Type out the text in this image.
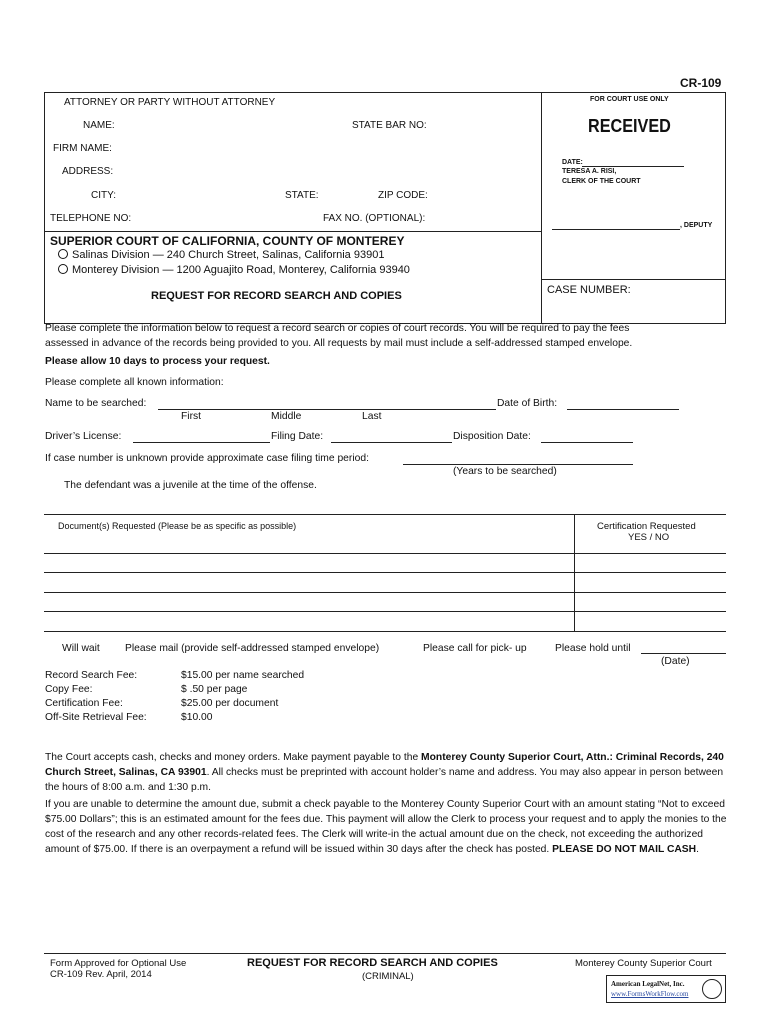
CR-109
ATTORNEY OR PARTY WITHOUT ATTORNEY
NAME:	STATE BAR NO:
FIRM NAME:
ADDRESS:
CITY:	STATE:	ZIP CODE:
TELEPHONE NO:	FAX NO. (OPTIONAL):
FOR COURT USE ONLY
RECEIVED
DATE:
TERESA A. RISI,
CLERK OF THE COURT
, DEPUTY
SUPERIOR COURT OF CALIFORNIA, COUNTY OF MONTEREY
Salinas Division — 240 Church Street, Salinas, California 93901
Monterey Division — 1200 Aguajito Road, Monterey, California 93940
REQUEST FOR RECORD SEARCH AND COPIES	CASE NUMBER:
Please complete the information below to request a record search or copies of court records. You will be required to pay the fees
assessed in advance of the records being provided to you. All requests by mail must include a self-addressed stamped envelope.
Please allow 10 days to process your request.
Please complete all known information:
Name to be searched:	Date of Birth:
First	Middle	Last
Driver’s License:	Filing Date:	Disposition Date:
If case number is unknown provide approximate case filing time period:
(Years to be searched)
The defendant was a juvenile at the time of the offense.
Document(s) Requested (Please be as specific as possible)	Certification Requested
YES / NO
Will wait Please mail (provide self-addressed stamped envelope)	Please call for pick- up	Please hold until
(Date)
Record Search Fee:	$15.00 per name searched
Copy Fee:	$ .50 per page
Certification Fee:	$25.00 per document
Off-Site Retrieval Fee:	$10.00
The Court accepts cash, checks and money orders. Make payment payable to the Monterey County Superior Court, Attn.: Criminal Records, 240 Church Street, Salinas, CA 93901. All checks must be preprinted with account holder’s name and address. You may also appear in person between the hours of 8:00 a.m. and 1:30 p.m.
If you are unable to determine the amount due, submit a check payable to the Monterey County Superior Court with an amount stating “Not to exceed $75.00 Dollars”; this is an estimated amount for the fees due. This payment will allow the Clerk to process your request and to apply the monies to the cost of the research and any other records-related fees. The Clerk will write-in the actual amount due on the check, not exceeding the authorized amount of $75.00. If there is an overpayment a refund will be issued within 30 days after the check has posted. PLEASE DO NOT MAIL CASH.
Form Approved for Optional Use
CR-109 Rev. April, 2014
REQUEST FOR RECORD SEARCH AND COPIES
(CRIMINAL)
Monterey County Superior Court
American LegalNet, Inc.
www.FormsWorkFlow.com
